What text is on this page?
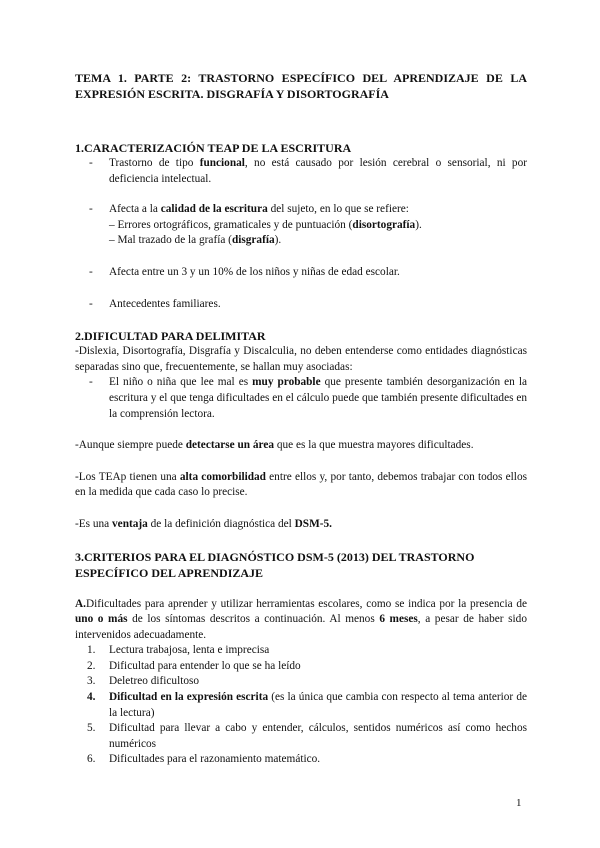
TEMA 1. PARTE 2: TRASTORNO ESPECÍFICO DEL APRENDIZAJE DE LA EXPRESIÓN ESCRITA. DISGRAFÍA Y DISORTOGRAFÍA

1.CARACTERIZACIÓN TEAP DE LA ESCRITURA
- Trastorno de tipo funcional, no está causado por lesión cerebral o sensorial, ni por deficiencia intelectual.
- Afecta a la calidad de la escritura del sujeto, en lo que se refiere:
– Errores ortográficos, gramaticales y de puntuación (disortografía).
– Mal trazado de la grafía (disgrafía).
- Afecta entre un 3 y un 10% de los niños y niñas de edad escolar.
- Antecedentes familiares.
2.DIFICULTAD PARA DELIMITAR

-Dislexia, Disortografía, Disgrafía y Discalculia, no deben entenderse como entidades diagnósticas separadas sino que, frecuentemente, se hallan muy asociadas:

- El niño o niña que lee mal es muy probable que presente también desorganización en la escritura y el que tenga dificultades en el cálculo puede que también presente dificultades en la comprensión lectora.

-Aunque siempre puede detectarse un área que es la que muestra mayores dificultades.

-Los TEAp tienen una alta comorbilidad entre ellos y, por tanto, debemos trabajar con todos ellos en la medida que cada caso lo precise.

-Es una ventaja de la definición diagnóstica del DSM-5.

3.CRITERIOS PARA EL DIAGNÓSTICO DSM-5 (2013) DEL TRASTORNO ESPECÍFICO DEL APRENDIZAJE

A.Dificultades para aprender y utilizar herramientas escolares, como se indica por la presencia de uno o más de los síntomas descritos a continuación. Al menos 6 meses, a pesar de haber sido intervenidos adecuadamente.

1. Lectura trabajosa, lenta e imprecisa
2. Dificultad para entender lo que se ha leído
3. Deletreo dificultoso
4. Dificultad en la expresión escrita (es la única que cambia con respecto al tema anterior de la lectura)
5. Dificultad para llevar a cabo y entender, cálculos, sentidos numéricos así como hechos numéricos
6. Dificultades para el razonamiento matemático.
1
